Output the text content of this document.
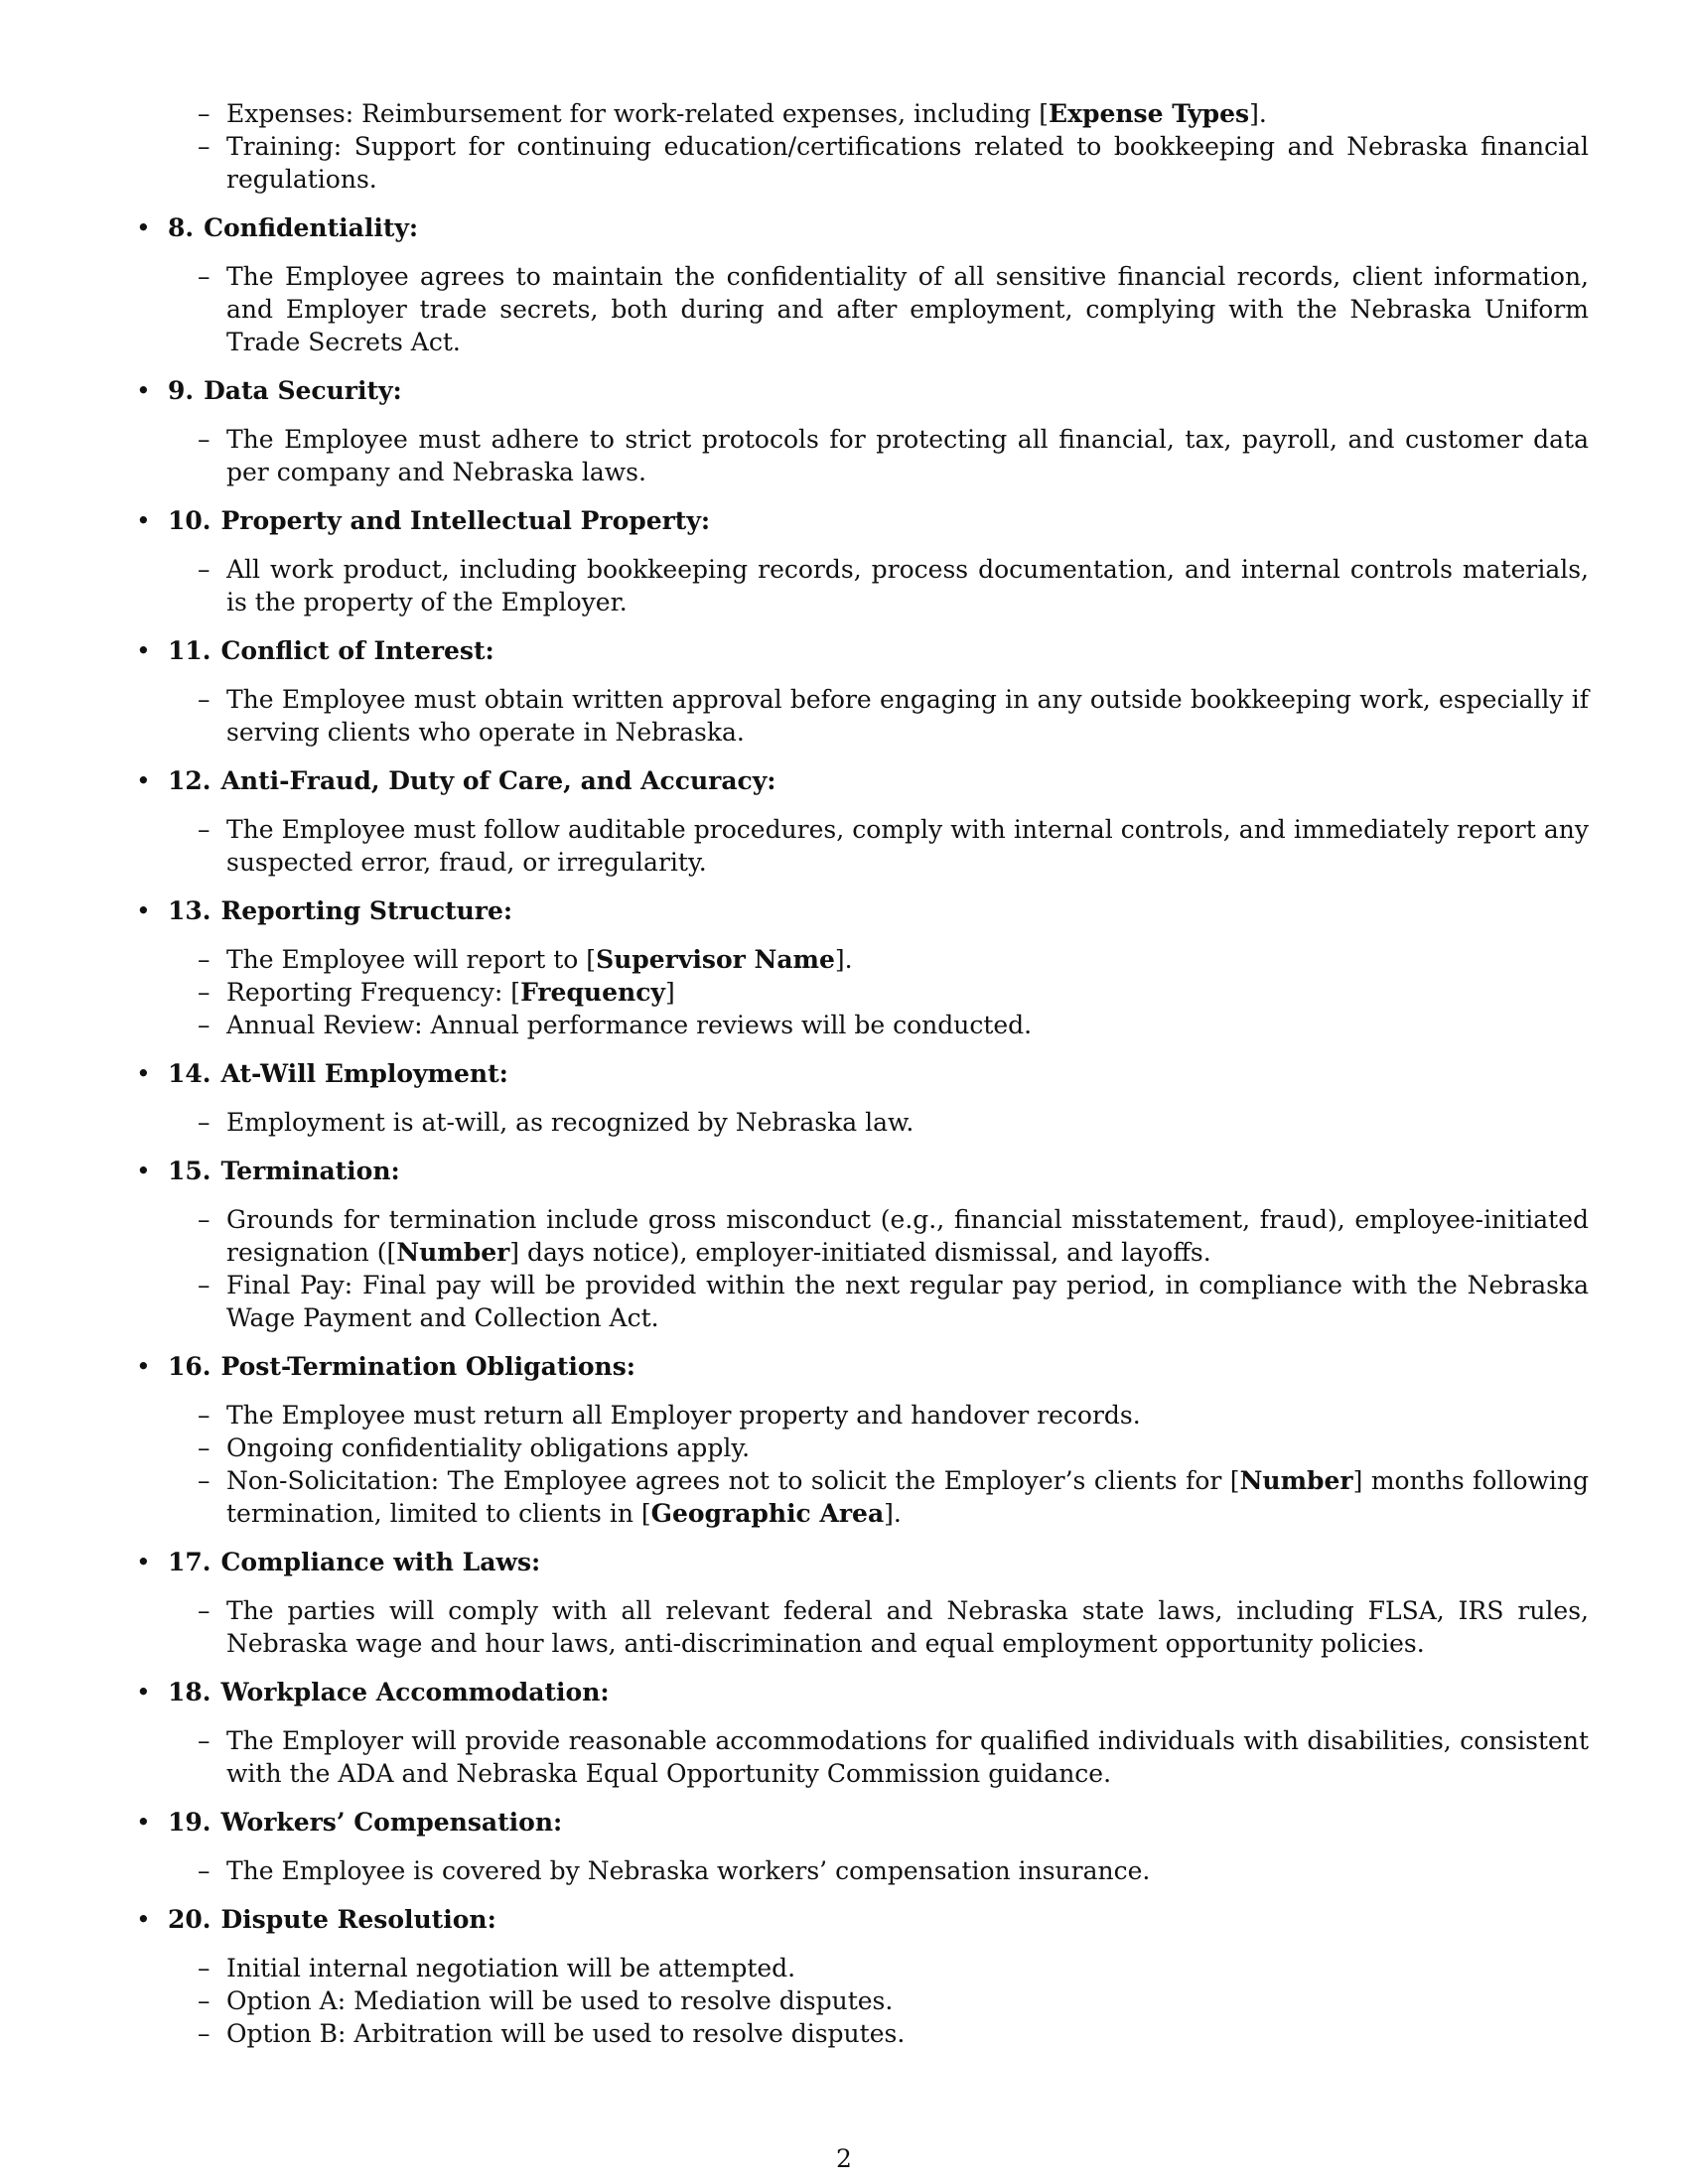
– Expenses: Reimbursement for work-related expenses, including [Expense Types].
– Training: Support for continuing education/certifications related to bookkeeping and Nebraska financial regulations.
• 8. Confidentiality:
– The Employee agrees to maintain the confidentiality of all sensitive financial records, client information, and Employer trade secrets, both during and after employment, complying with the Nebraska Uniform Trade Secrets Act.
• 9. Data Security:
– The Employee must adhere to strict protocols for protecting all financial, tax, payroll, and customer data per company and Nebraska laws.
• 10. Property and Intellectual Property:
– All work product, including bookkeeping records, process documentation, and internal controls materials, is the property of the Employer.
• 11. Conflict of Interest:
– The Employee must obtain written approval before engaging in any outside bookkeeping work, especially if serving clients who operate in Nebraska.
• 12. Anti-Fraud, Duty of Care, and Accuracy:
– The Employee must follow auditable procedures, comply with internal controls, and immediately report any suspected error, fraud, or irregularity.
• 13. Reporting Structure:
– The Employee will report to [Supervisor Name].
– Reporting Frequency: [Frequency]
– Annual Review: Annual performance reviews will be conducted.
• 14. At-Will Employment:
– Employment is at-will, as recognized by Nebraska law.
• 15. Termination:
– Grounds for termination include gross misconduct (e.g., financial misstatement, fraud), employee-initiated resignation ([Number] days notice), employer-initiated dismissal, and layoffs.
– Final Pay: Final pay will be provided within the next regular pay period, in compliance with the Nebraska Wage Payment and Collection Act.
• 16. Post-Termination Obligations:
– The Employee must return all Employer property and handover records.
– Ongoing confidentiality obligations apply.
– Non-Solicitation: The Employee agrees not to solicit the Employer’s clients for [Number] months following termination, limited to clients in [Geographic Area].
• 17. Compliance with Laws:
– The parties will comply with all relevant federal and Nebraska state laws, including FLSA, IRS rules, Nebraska wage and hour laws, anti-discrimination and equal employment opportunity policies.
• 18. Workplace Accommodation:
– The Employer will provide reasonable accommodations for qualified individuals with disabilities, consistent with the ADA and Nebraska Equal Opportunity Commission guidance.
• 19. Workers’ Compensation:
– The Employee is covered by Nebraska workers’ compensation insurance.
• 20. Dispute Resolution:
– Initial internal negotiation will be attempted.
– Option A: Mediation will be used to resolve disputes.
– Option B: Arbitration will be used to resolve disputes.
2
